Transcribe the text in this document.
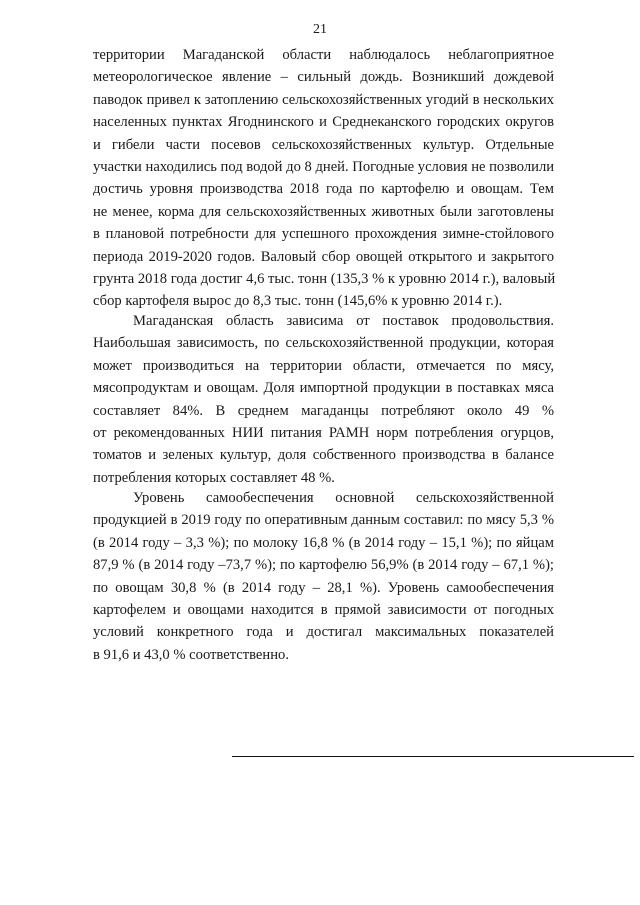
21
территории Магаданской области наблюдалось неблагоприятное
метеорологическое явление – сильный дождь. Возникший дождевой
паводок привел к затоплению сельскохозяйственных угодий в нескольких
населенных пунктах Ягоднинского и Среднеканского городских округов
и гибели части посевов сельскохозяйственных культур. Отдельные
участки находились под водой до 8 дней. Погодные условия не позволили
достичь уровня производства 2018 года по картофелю и овощам. Тем
не менее, корма для сельскохозяйственных животных были заготовлены
в плановой потребности для успешного прохождения зимне-стойлового
периода 2019-2020 годов. Валовый сбор овощей открытого и закрытого
грунта 2018 года достиг 4,6 тыс. тонн (135,3 % к уровню 2014 г.), валовый
сбор картофеля вырос до 8,3 тыс. тонн (145,6% к уровню 2014 г.).
Магаданская область зависима от поставок продовольствия.
Наибольшая зависимость, по сельскохозяйственной продукции, которая
может производиться на территории области, отмечается по мясу,
мясопродуктам и овощам. Доля импортной продукции в поставках мяса
составляет 84%. В среднем магаданцы потребляют около 49 %
от рекомендованных НИИ питания РАМН норм потребления огурцов,
томатов и зеленых культур, доля собственного производства в балансе
потребления которых составляет 48 %.
Уровень самообеспечения основной сельскохозяйственной
продукцией в 2019 году по оперативным данным составил: по мясу 5,3 %
(в 2014 году – 3,3 %); по молоку 16,8 % (в 2014 году – 15,1 %); по яйцам
87,9 % (в 2014 году –73,7 %); по картофелю 56,9% (в 2014 году – 67,1 %);
по овощам 30,8 % (в 2014 году – 28,1 %). Уровень самообеспечения
картофелем и овощами находится в прямой зависимости от погодных
условий конкретного года и достигал максимальных показателей
в 91,6 и 43,0 % соответственно.
